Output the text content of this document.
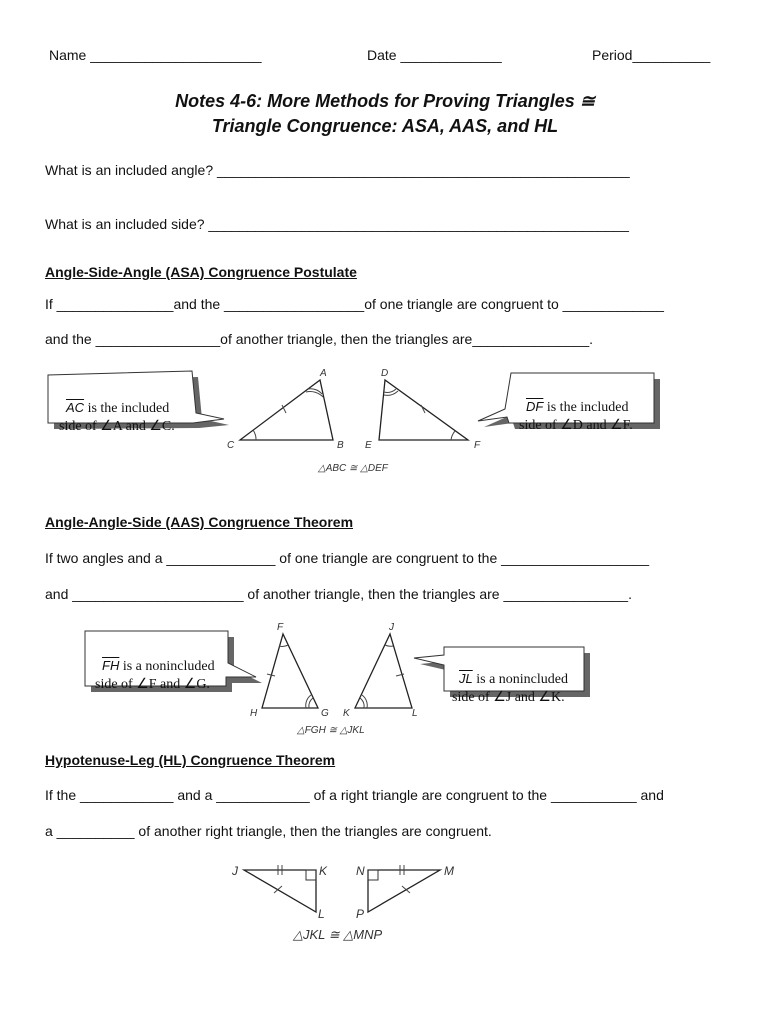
Name ______________________	Date _____________	Period__________
Notes 4-6: More Methods for Proving Triangles ≅
Triangle Congruence: ASA, AAS, and HL
What is an included angle? _____________________________________________________
What is an included side? ______________________________________________________
Angle-Side-Angle (ASA) Congruence Postulate
If _______________and the __________________of one triangle are congruent to _____________
and the ________________of another triangle, then the triangles are_______________.
Angle-Angle-Side (AAS) Congruence Theorem
If two angles and a ______________ of one triangle are congruent to the ___________________
and ______________________ of another triangle, then the triangles are ________________.
Hypotenuse-Leg (HL) Congruence Theorem
If the ____________ and a ____________ of a right triangle are congruent to the ___________ and
a __________ of another right triangle, then the triangles are congruent.
A
B
C
D
E	F
△ABC ≅ △DEF
F
G
H
J
K	L
△FGH ≅ △JKL
J	K
L
N	M
P
△JKL ≅ △MNP

$\overline{AC}$ is the included
side of ∠A and ∠C.

$\overline{DF}$ is the included
side of ∠D and ∠F.

$\overline{FH}$ is a nonincluded
side of ∠F and ∠G.	$\overline{JL}$ is a nonincluded
side of ∠J and ∠K.
